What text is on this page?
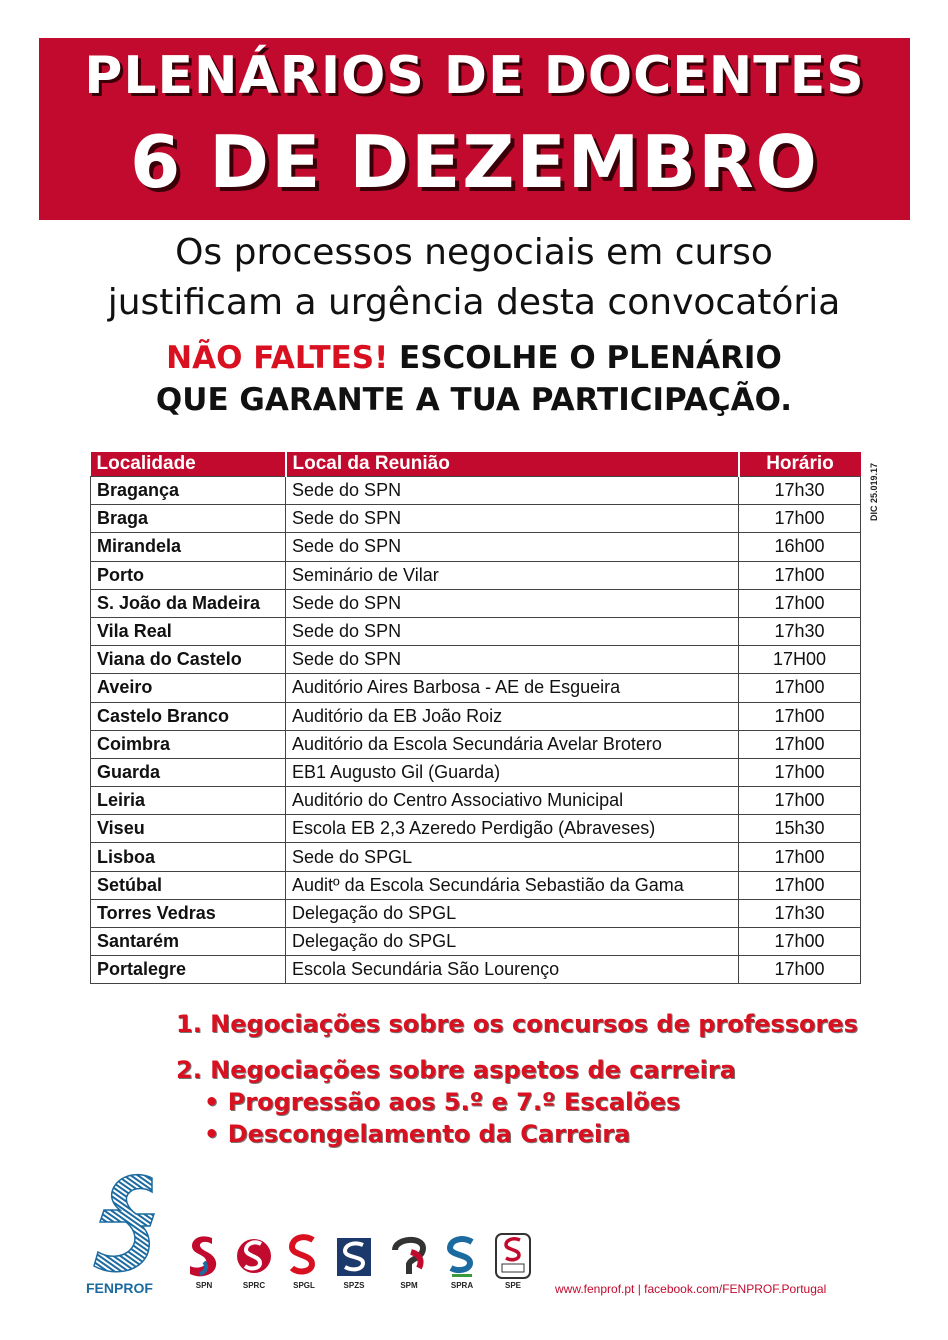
PLENÁRIOS DE DOCENTES
6 DE DEZEMBRO
Os processos negociais em curso
justificam a urgência desta convocatória
NÃO FALTES! ESCOLHE O PLENÁRIO
QUE GARANTE A TUA PARTICIPAÇÃO.
Localidade	Local da Reunião	Horário
Bragança	Sede do SPN	17h30
Braga	Sede do SPN	17h00
Mirandela	Sede do SPN	16h00
Porto	Seminário de Vilar	17h00
S. João da Madeira	Sede do SPN	17h00
Vila Real	Sede do SPN	17h30
Viana do Castelo	Sede do SPN	17H00
Aveiro	Auditório Aires Barbosa - AE de Esgueira	17h00
Castelo Branco	Auditório da EB João Roiz	17h00
Coimbra	Auditório da Escola Secundária Avelar Brotero	17h00
Guarda	EB1 Augusto Gil (Guarda)	17h00
Leiria	Auditório do Centro Associativo Municipal	17h00
Viseu	Escola EB 2,3 Azeredo Perdigão (Abraveses)	15h30
Lisboa	Sede do SPGL	17h00
Setúbal	Auditº da Escola Secundária Sebastião da Gama	17h00
Torres Vedras	Delegação do SPGL	17h30
Santarém	Delegação do SPGL	17h00
Portalegre	Escola Secundária São Lourenço	17h00
DIC 25.019.17
1. Negociações sobre os concursos de professores
2. Negociações sobre aspetos de carreira
• Progressão aos 5.º e 7.º Escalões
• Descongelamento da Carreira
FENPROF	SPN	SPRC	SPGL	SPZS	SPM	SPRA	SPE	www.fenprof.pt | facebook.com/FENPROF.Portugal
